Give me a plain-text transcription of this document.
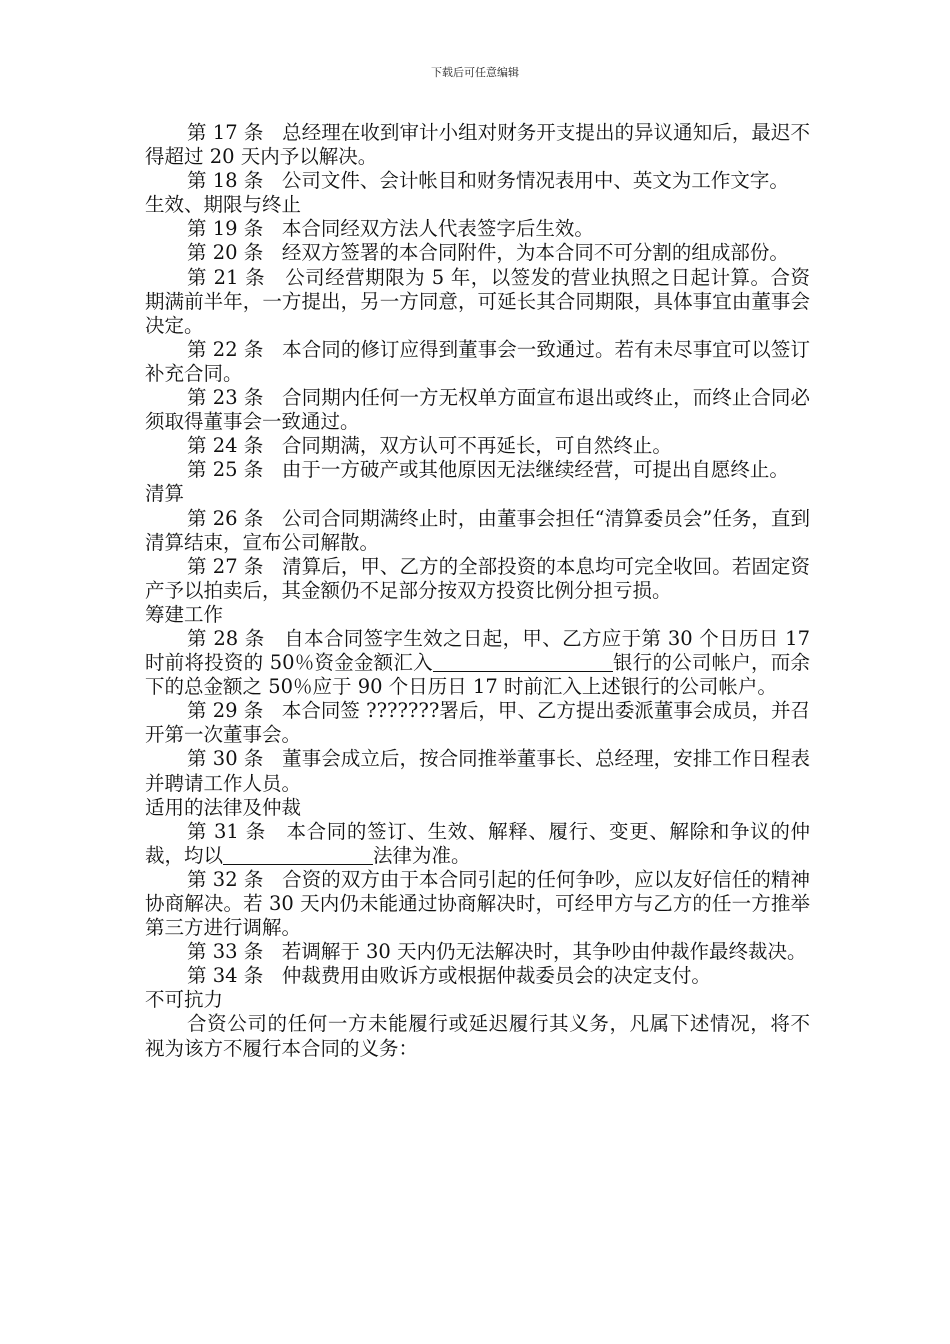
下载后可任意编辑

第 17 条 总经理在收到审计小组对财务开支提出的异议通知后，最迟不得超过 20 天内予以解决。

第 18 条 公司文件、会计帐目和财务情况表用中、英文为工作文字。

生效、期限与终止

第 19 条 本合同经双方法人代表签字后生效。

第 20 条 经双方签署的本合同附件，为本合同不可分割的组成部份。

第 21 条 公司经营期限为 5 年，以签发的营业执照之日起计算。合资期满前半年，一方提出，另一方同意，可延长其合同期限，具体事宜由董事会决定。

第 22 条 本合同的修订应得到董事会一致通过。若有未尽事宜可以签订补充合同。

第 23 条 合同期内任何一方无权单方面宣布退出或终止，而终止合同必须取得董事会一致通过。

第 24 条 合同期满，双方认可不再延长，可自然终止。

第 25 条 由于一方破产或其他原因无法继续经营，可提出自愿终止。

清算

第 26 条 公司合同期满终止时，由董事会担任“清算委员会”任务，直到清算结束，宣布公司解散。

第 27 条 清算后，甲、乙方的全部投资的本息均可完全收回。若固定资产予以拍卖后，其金额仍不足部分按双方投资比例分担亏损。

筹建工作

第 28 条 自本合同签字生效之日起，甲、乙方应于第 30 个日历日 17 时前将投资的 50％资金金额汇入	银行的公司帐户，而余下的总金额之 50％应于 90 个日历日 17 时前汇入上述银行的公司帐户。

第 29 条 本合同签 ???????署后，甲、乙方提出委派董事会成员，并召开第一次董事会。

第 30 条 董事会成立后，按合同推举董事长、总经理，安排工作日程表并聘请工作人员。

适用的法律及仲裁

第 31 条 本合同的签订、生效、解释、履行、变更、解除和争议的仲裁，均以	法律为准。

第 32 条 合资的双方由于本合同引起的任何争吵，应以友好信任的精神协商解决。若 30 天内仍未能通过协商解决时，可经甲方与乙方的任一方推举第三方进行调解。

第 33 条 若调解于 30 天内仍无法解决时，其争吵由仲裁作最终裁决。

第 34 条 仲裁费用由败诉方或根据仲裁委员会的决定支付。

不可抗力

合资公司的任何一方未能履行或延迟履行其义务，凡属下述情况，将不视为该方不履行本合同的义务：
